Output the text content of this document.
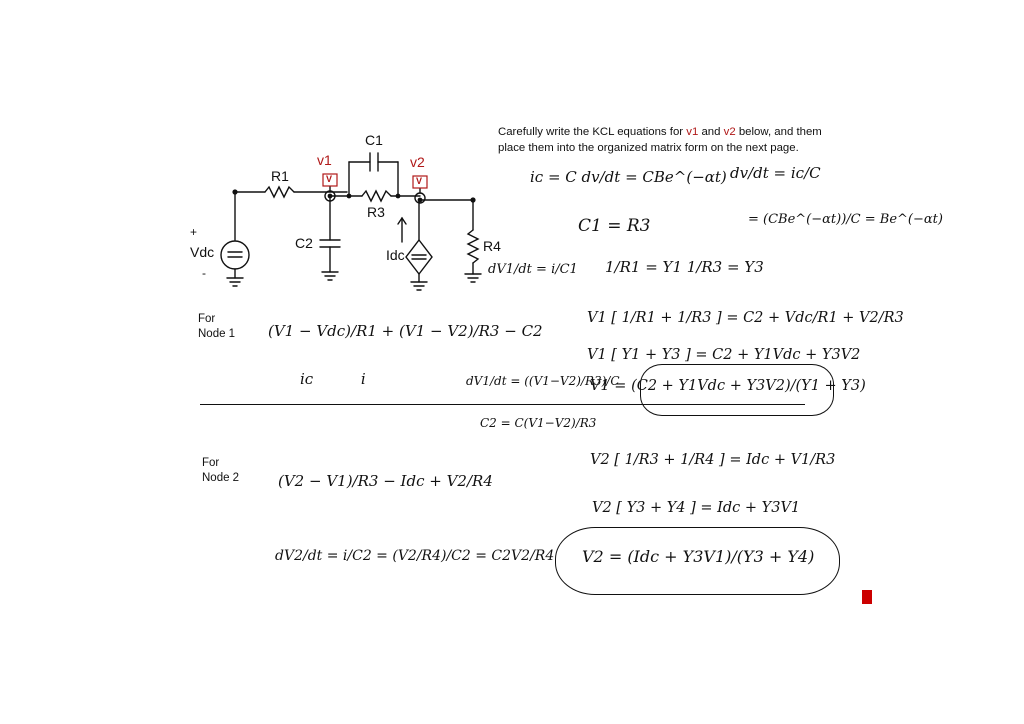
+
Vdc
-
R1
C1
R3
C2
Idc
R4
v1	v2
V	V
Carefully write the KCL equations for v1 and v2 below, and them place them into the organized matrix form on the next page.
iᴄ = C dv/dt = CBe^(−αt) dv/dt = iᴄ/C
C1 = R3	= (CBe^(−αt))/C = Be^(−αt)
1/R1 = Y1 1/R3 = Y3
dV1/dt = i/C1
For
Node 1 (V1 − Vdc)/R1 + (V1 − V2)/R3 − C2
iᴄ          i
V1 [ 1/R1 + 1/R3 ] = C2 + Vdc/R1 + V2/R3
V1 [ Y1 + Y3 ] = C2 + Y1Vdc + Y3V2
V1 = (C2 + Y1Vdc + Y3V2)/(Y1 + Y3)
dV1/dt = ((V1−V2)/R3)/C
C2 = C(V1−V2)/R3
For
Node 2	(V2 − V1)/R3 − Idc + V2/R4
V2 [ 1/R3 + 1/R4 ] = Idc + V1/R3
V2 [ Y3 + Y4 ] = Idc + Y3V1
V2 = (Idc + Y3V1)/(Y3 + Y4)
dV2/dt = i/C2 = (V2/R4)/C2 = C2V2/R4
